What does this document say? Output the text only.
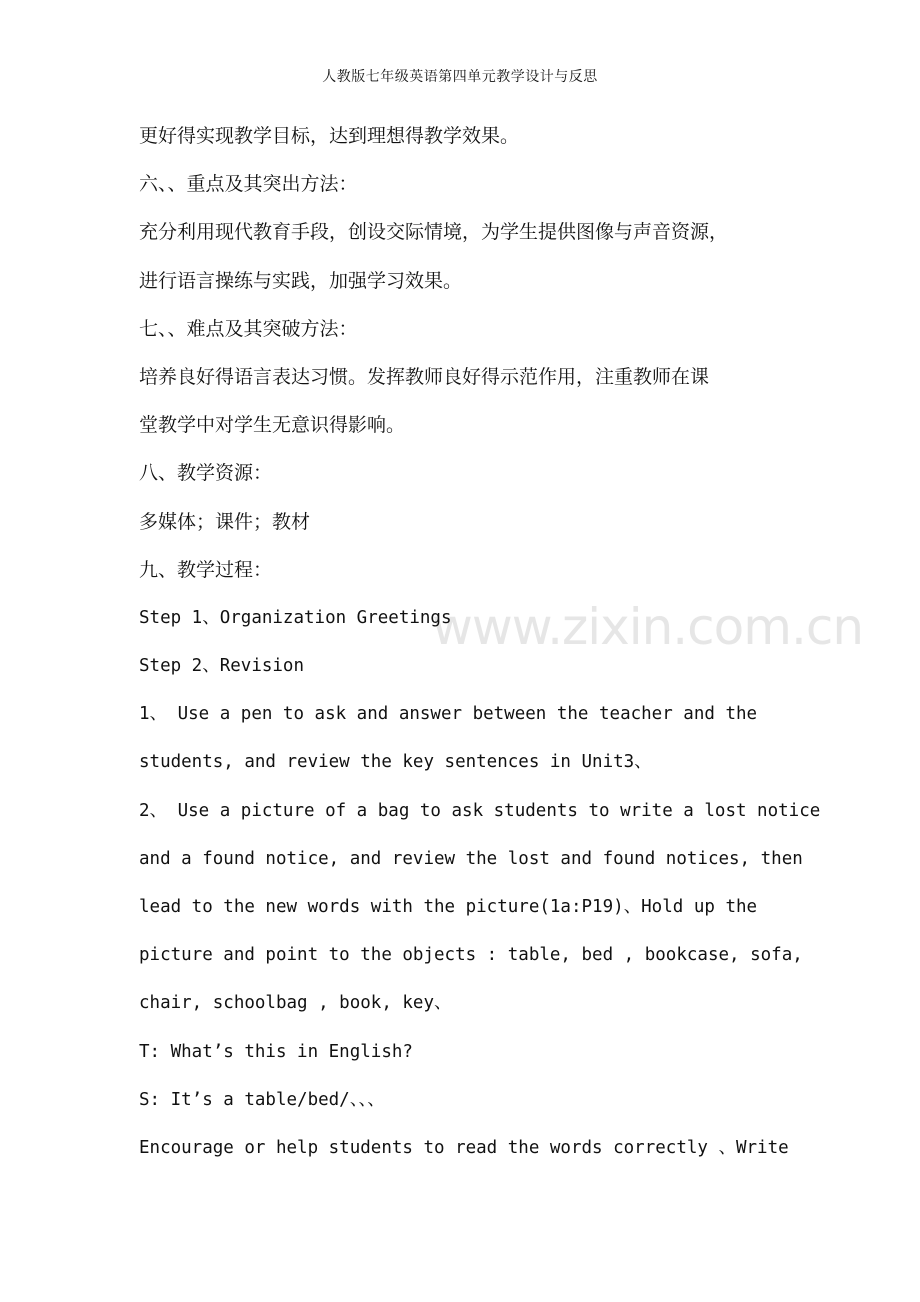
人教版七年级英语第四单元教学设计与反思
www.zixin.com.cn
更好得实现教学目标，达到理想得教学效果。
六、、重点及其突出方法：
充分利用现代教育手段，创设交际情境，为学生提供图像与声音资源，
进行语言操练与实践，加强学习效果。
七、、难点及其突破方法：
培养良好得语言表达习惯。发挥教师良好得示范作用，注重教师在课
堂教学中对学生无意识得影响。
八、教学资源：
多媒体；课件；教材
九、教学过程：
Step 1、Organization Greetings
Step 2、Revision
1、 Use a pen to ask and answer between the teacher and the
students, and review the key sentences in Unit3、
2、 Use a picture of a bag to ask students to write a lost notice
and a found notice, and review the lost and found notices, then
lead to the new words with the picture(1a:P19)、Hold up the
picture and point to the objects : table, bed , bookcase, sofa,
chair, schoolbag , book, key、
T: What’s this in English?
S: It’s a table/bed/、、、
Encourage or help students to read the words correctly 、Write
